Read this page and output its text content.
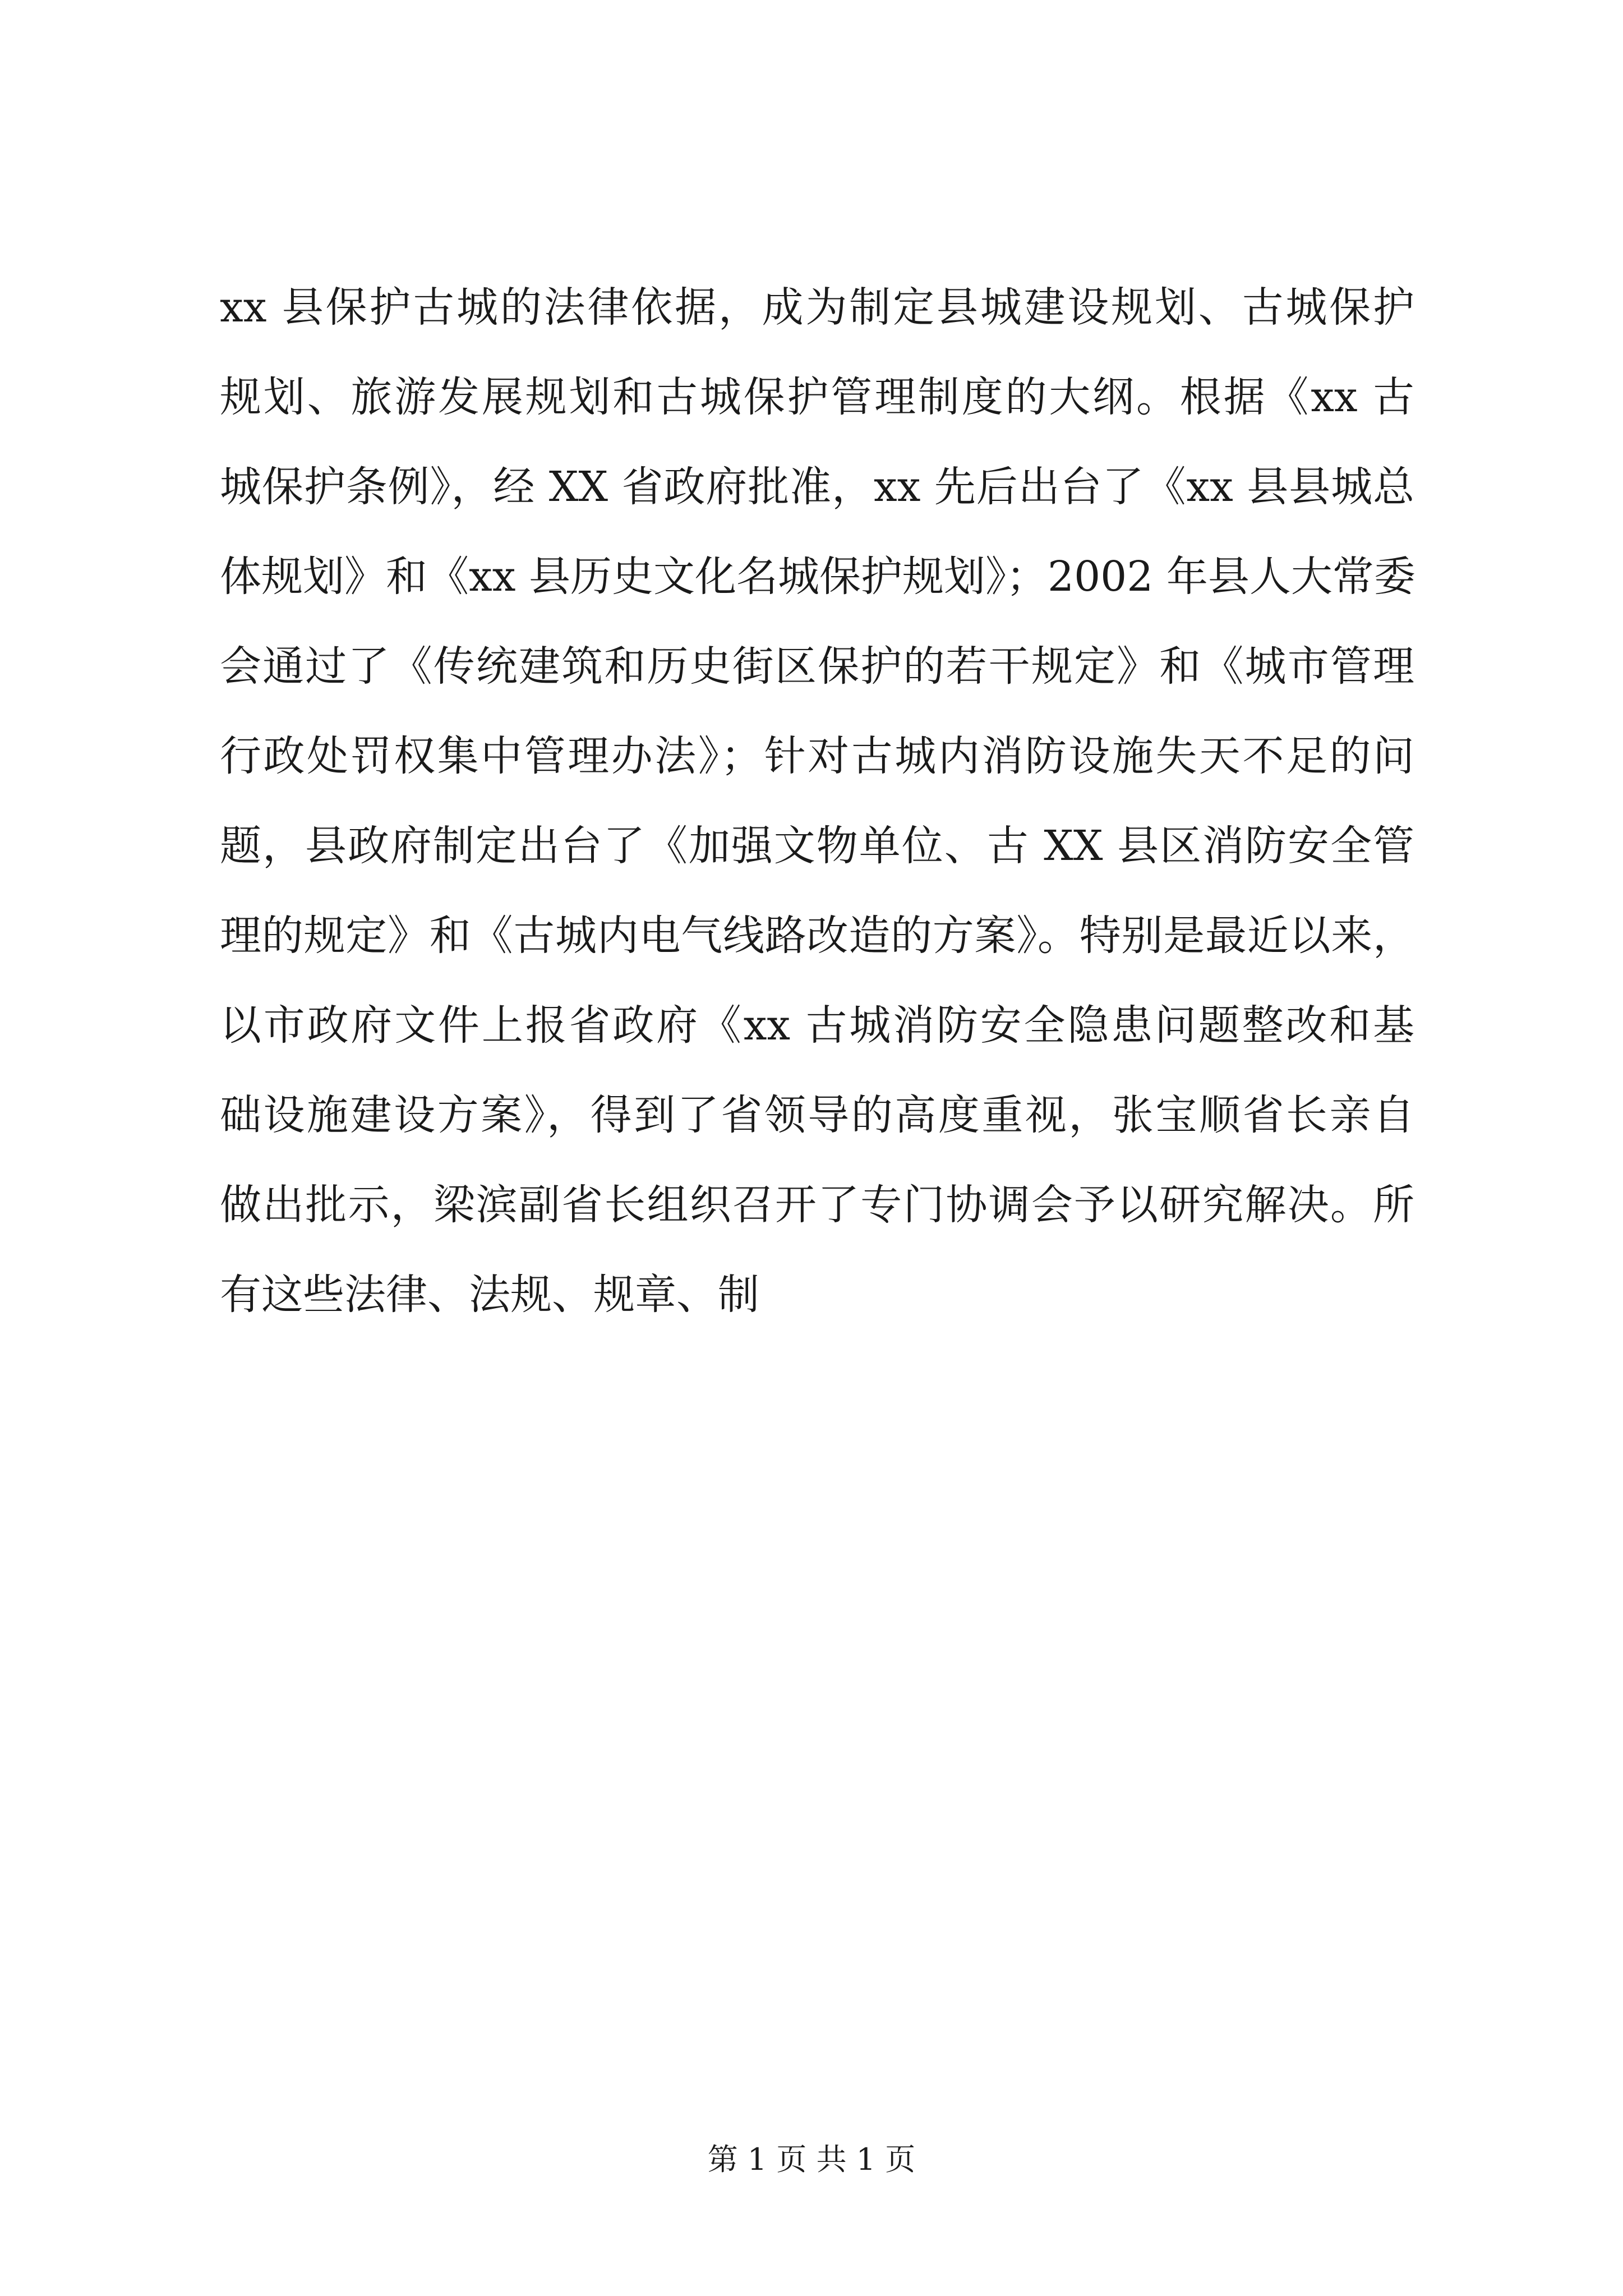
xx 县保护古城的法律依据，成为制定县城建设规划、古城保护
规划、旅游发展规划和古城保护管理制度的大纲。根据《xx 古
城保护条例》，经 XX 省政府批准，xx 先后出台了《xx 县县城总
体规划》和《xx 县历史文化名城保护规划》；2002 年县人大常委
会通过了《传统建筑和历史街区保护的若干规定》和《城市管理
行政处罚权集中管理办法》；针对古城内消防设施失天不足的问
题，县政府制定出台了《加强文物单位、古 XX 县区消防安全管
理的规定》和《古城内电气线路改造的方案》。特别是最近以来，
以市政府文件上报省政府《xx 古城消防安全隐患问题整改和基
础设施建设方案》，得到了省领导的高度重视，张宝顺省长亲自
做出批示，梁滨副省长组织召开了专门协调会予以研究解决。所
有这些法律、法规、规章、制
第 1 页 共 1 页
